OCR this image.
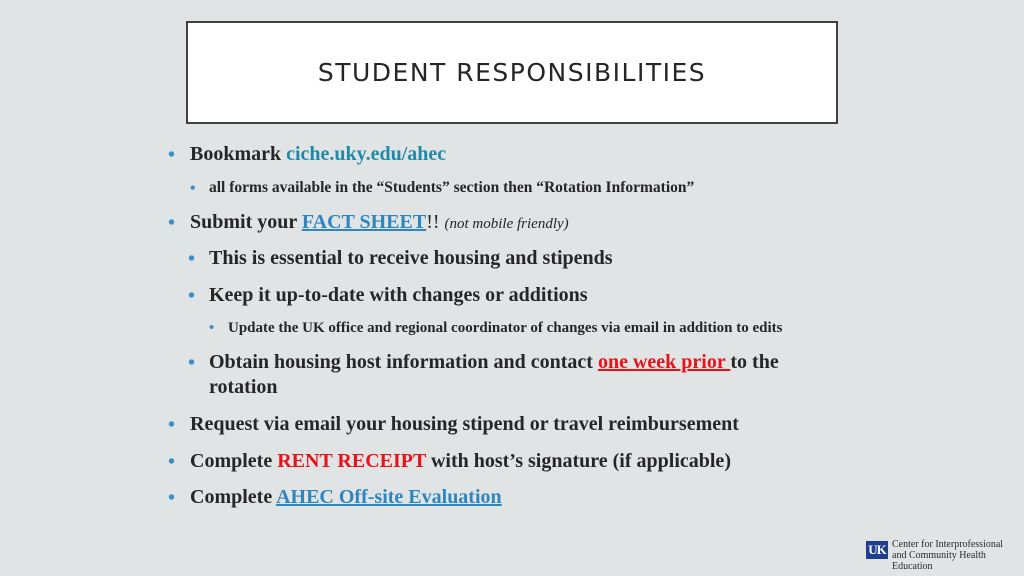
STUDENT RESPONSIBILITIES
• Bookmark ciche.uky.edu/ahec
• all forms available in the “Students” section then “Rotation Information”
• Submit your FACT SHEET!! (not mobile friendly)
• This is essential to receive housing and stipends
• Keep it up-to-date with changes or additions
• Update the UK office and regional coordinator of changes via email in addition to edits
• Obtain housing host information and contact one week prior to the
rotation
• Request via email your housing stipend or travel reimbursement
• Complete RENT RECEIPT with host’s signature (if applicable)
• Complete AHEC Off-site Evaluation
UK Center for Interprofessional
and Community Health
Education
